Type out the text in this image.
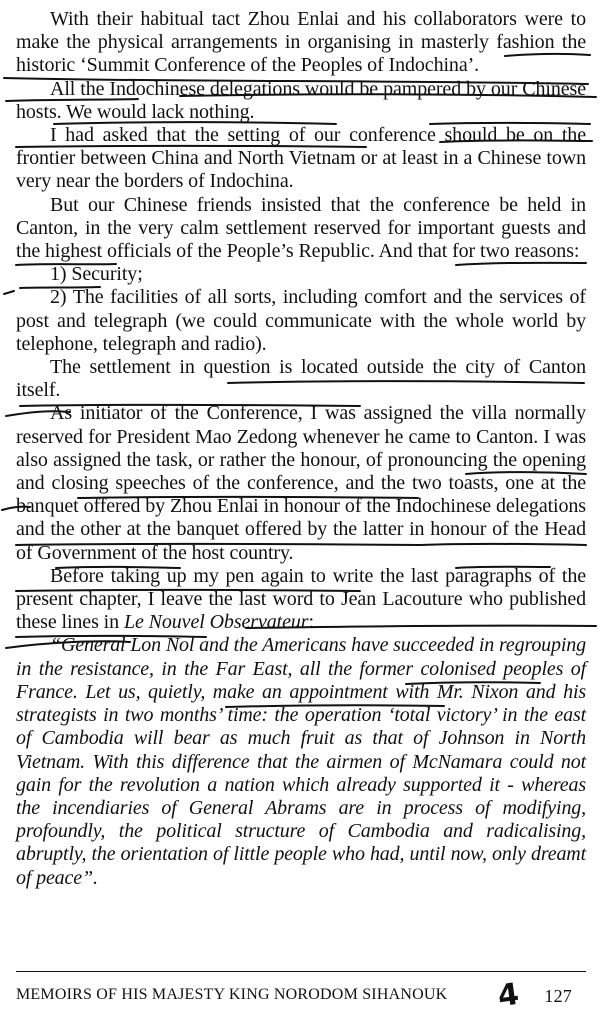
With their habitual tact Zhou Enlai and his collaborators were to make the physical arrangements in organising in masterly fashion the historic ‘Summit Conference of the Peoples of Indochina’.

All the Indochinese delegations would be pampered by our Chinese hosts. We would lack nothing.

I had asked that the setting of our conference should be on the frontier between China and North Vietnam or at least in a Chinese town very near the borders of Indochina.

But our Chinese friends insisted that the conference be held in Canton, in the very calm settlement reserved for important guests and the highest officials of the People’s Republic. And that for two reasons:

1) Security;

2) The facilities of all sorts, including comfort and the services of post and telegraph (we could communicate with the whole world by telephone, telegraph and radio).

The settlement in question is located outside the city of Canton itself.

As initiator of the Conference, I was assigned the villa normally reserved for President Mao Zedong whenever he came to Canton. I was also assigned the task, or rather the honour, of pronouncing the opening and closing speeches of the conference, and the two toasts, one at the banquet offered by Zhou Enlai in honour of the Indochinese delegations and the other at the banquet offered by the latter in honour of the Head of Government of the host country.

Before taking up my pen again to write the last paragraphs of the present chapter, I leave the last word to Jean Lacouture who published these lines in Le Nouvel Observateur:

“General Lon Nol and the Americans have succeeded in regrouping in the resistance, in the Far East, all the former colonised peoples of France. Let us, quietly, make an appointment with Mr. Nixon and his strategists in two months’ time: the operation ‘total victory’ in the east of Cambodia will bear as much fruit as that of Johnson in North Vietnam. With this difference that the airmen of McNamara could not gain for the revolution a nation which already supported it - whereas the incendiaries of General Abrams are in process of modifying, profoundly, the political structure of Cambodia and radicalising, abruptly, the orientation of little people who had, until now, only dreamt of peace”.

MEMOIRS OF HIS MAJESTY KING NORODOM SIHANOUK 4 127
